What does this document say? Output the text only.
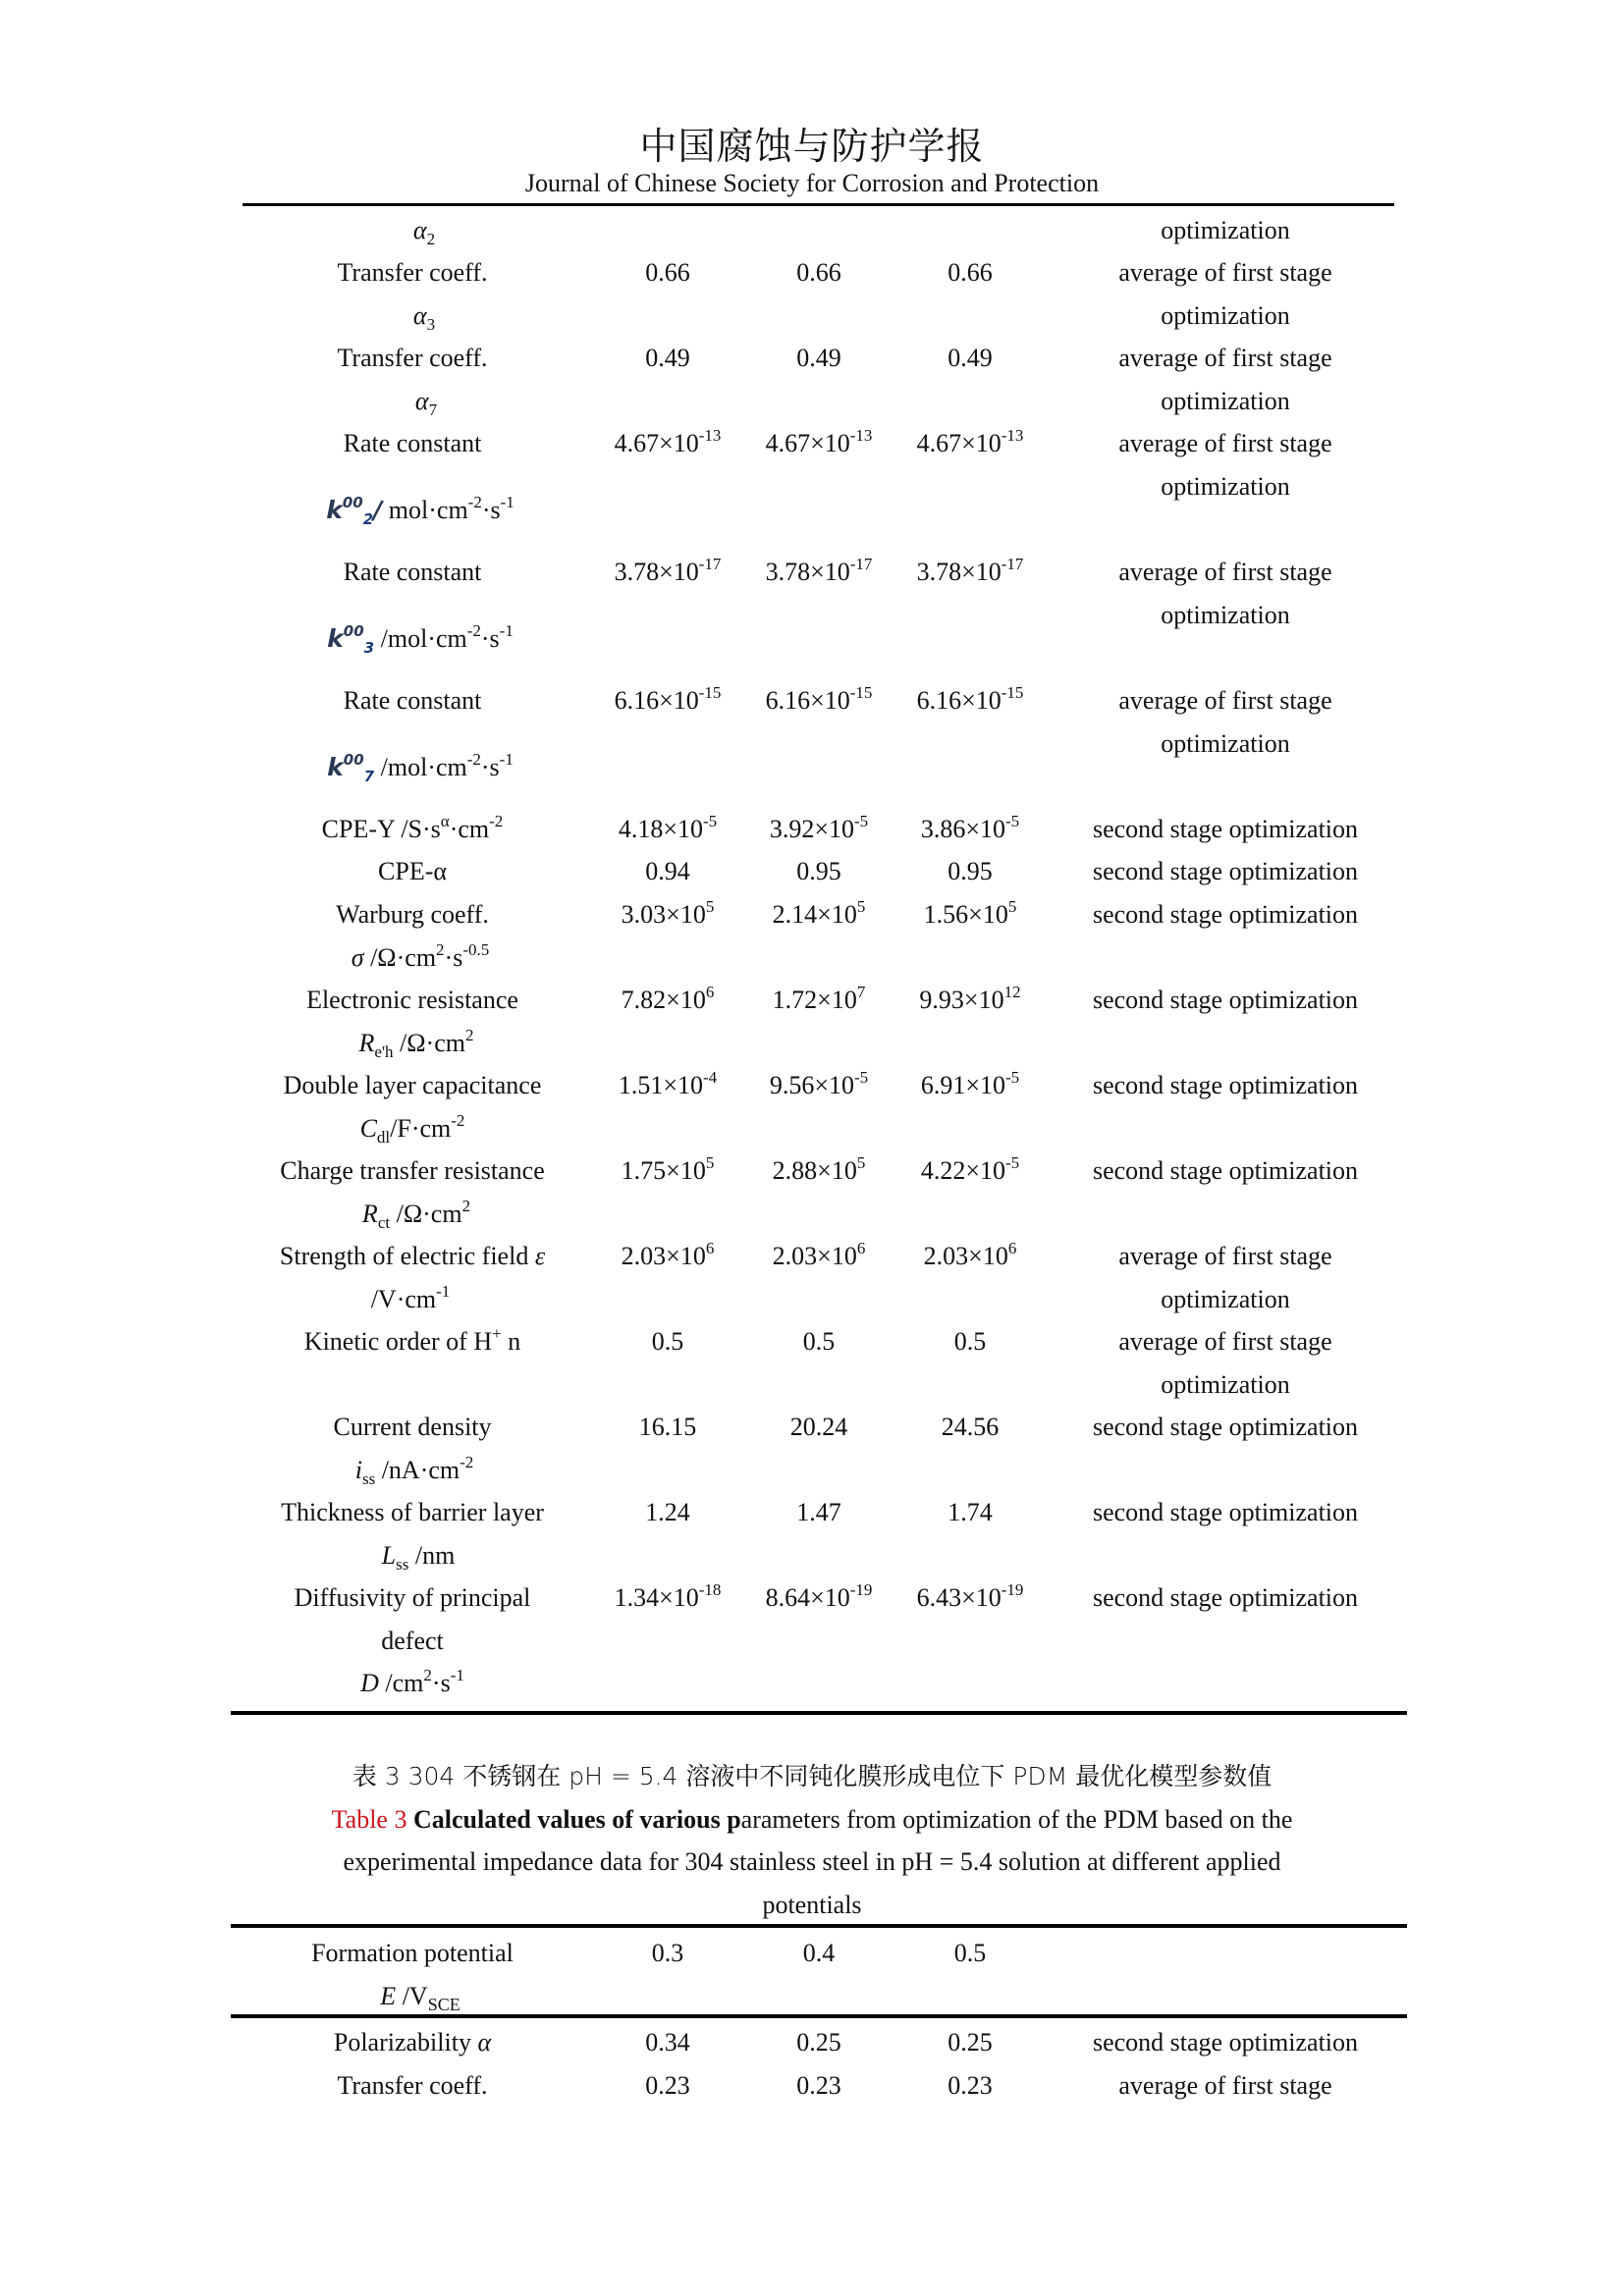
中国腐蚀与防护学报
Journal of Chinese Society for Corrosion and Protection
$\alpha_2$	optimization
Transfer coeff.	0.66	0.66	0.66	average of first stage
$\alpha_3$	optimization
Transfer coeff.	0.49	0.49	0.49	average of first stage
$\alpha_7$	optimization
Rate constant	$4.67\times 10^{-13}$ $4.67\times 10^{-13}$ $4.67\times 10^{-13}$	average of first stage
optimization
$k^{00}_2/$ $mol\cdot cm^{-2}\cdot s^{-1}$
Rate constant	$3.78\times 10^{-17}$ $3.78\times 10^{-17}$ $3.78\times 10^{-17}$	average of first stage
optimization
$k^{00}_3$ $/mol\cdot cm^{-2}\cdot s^{-1}$
Rate constant	$6.16\times 10^{-15}$ $6.16\times 10^{-15}$ $6.16\times 10^{-15}$	average of first stage
optimization
$k^{00}_7$ $/mol\cdot cm^{-2}\cdot s^{-1}$
CPE-Y $/S\cdot s^\alpha\cdot cm^{-2}$	$4.18\times 10^{-5}$ $3.92\times 10^{-5}$ $3.86\times 10^{-5}$	second stage optimization
CPE-α	0.94	0.95	0.95	second stage optimization
Warburg coeff.	$3.03\times 10^5$ $2.14\times 10^5$ $1.56\times 10^5$	second stage optimization
σ $/\Omega\cdot cm^2\cdot s^{-0.5}$
Electronic resistance	$7.82\times 10^6$ $1.72\times 10^7$ $9.93\times 10^{12}$	second stage optimization
$R_{e'h}$ $/\Omega\cdot cm^2$
Double layer capacitance	$1.51\times 10^{-4}$ $9.56\times 10^{-5}$ $6.91\times 10^{-5}$	second stage optimization
$C_{dl}/F\cdot cm^{-2}$
Charge transfer resistance	$1.75\times 10^5$ $2.88\times 10^5$ $4.22\times 10^{-5}$	second stage optimization
$R_{ct}$ $/\Omega\cdot cm^2$
Strength of electric field ε	$2.03\times 10^6$ $2.03\times 10^6$ $2.03\times 10^6$	average of first stage
$/V\cdot cm^{-1}$	optimization
Kinetic order of H+ n	0.5	0.5	0.5	average of first stage
optimization
Current density	16.15	20.24	24.56	second stage optimization
$i_{ss}$ $/nA\cdot cm^{-2}$
Thickness of barrier layer	1.24	1.47	1.74	second stage optimization
$L_{ss}$ /nm
Diffusivity of principal	$1.34\times 10^{-18}$ $8.64\times 10^{-19}$ $6.43\times 10^{-19}$	second stage optimization
defect
D $/cm^2\cdot s^{-1}$
表 3 304 不锈钢在 pH = 5.4 溶液中不同钝化膜形成电位下 PDM 最优化模型参数值
Table 3 Calculated values of various parameters from optimization of the PDM based on the
experimental impedance data for 304 stainless steel in pH = 5.4 solution at different applied
potentials
Formation potential	0.3	0.4	0.5
E $/V_{SCE}$
Polarizability α	0.34	0.25	0.25	second stage optimization
Transfer coeff.	0.23	0.23	0.23	average of first stage
